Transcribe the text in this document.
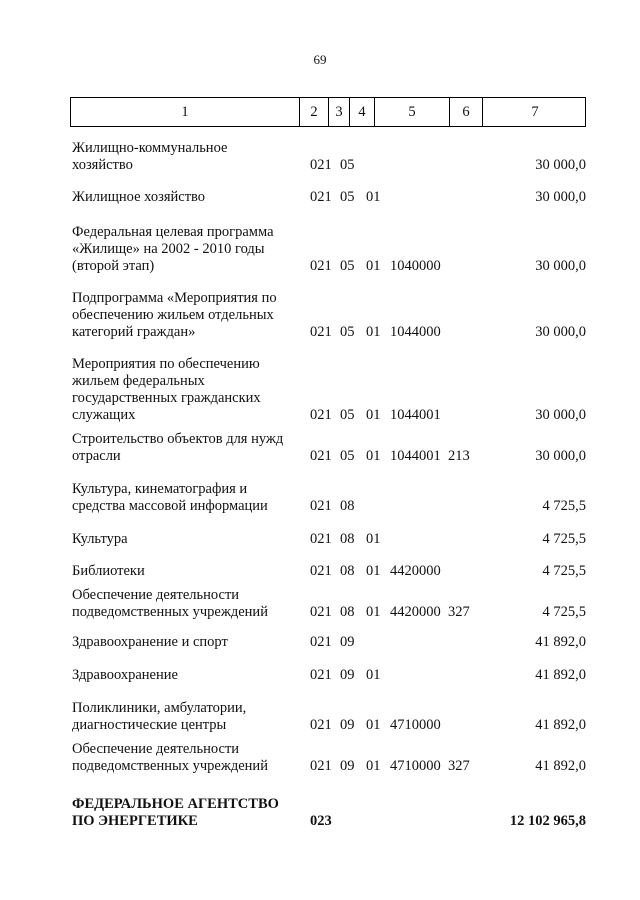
69
1	2	3	4	5	6	7
Жилищно-коммунальное
хозяйство	021 05	30 000,0
Жилищное хозяйство	021 05 01	30 000,0
Федеральная целевая программа
«Жилище» на 2002 - 2010 годы
(второй этап)	021 05 01 1040000	30 000,0
Подпрограмма «Мероприятия по
обеспечению жильем отдельных
категорий граждан»	021 05 01 1044000	30 000,0
Мероприятия по обеспечению
жильем федеральных
государственных гражданских
служащих	021 05 01 1044001	30 000,0
Строительство объектов для нужд
отрасли	021 05 01 1044001 213	30 000,0
Культура, кинематография и
средства массовой информации	021 08	4 725,5
Культура	021 08 01	4 725,5
Библиотеки	021 08 01 4420000	4 725,5
Обеспечение деятельности
подведомственных учреждений	021 08 01 4420000 327	4 725,5
Здравоохранение и спорт	021 09	41 892,0
Здравоохранение	021 09 01	41 892,0
Поликлиники, амбулатории,
диагностические центры	021 09 01 4710000	41 892,0
Обеспечение деятельности
подведомственных учреждений	021 09 01 4710000 327	41 892,0
ФЕДЕРАЛЬНОЕ АГЕНТСТВО
ПО ЭНЕРГЕТИКЕ	023	12 102 965,8
